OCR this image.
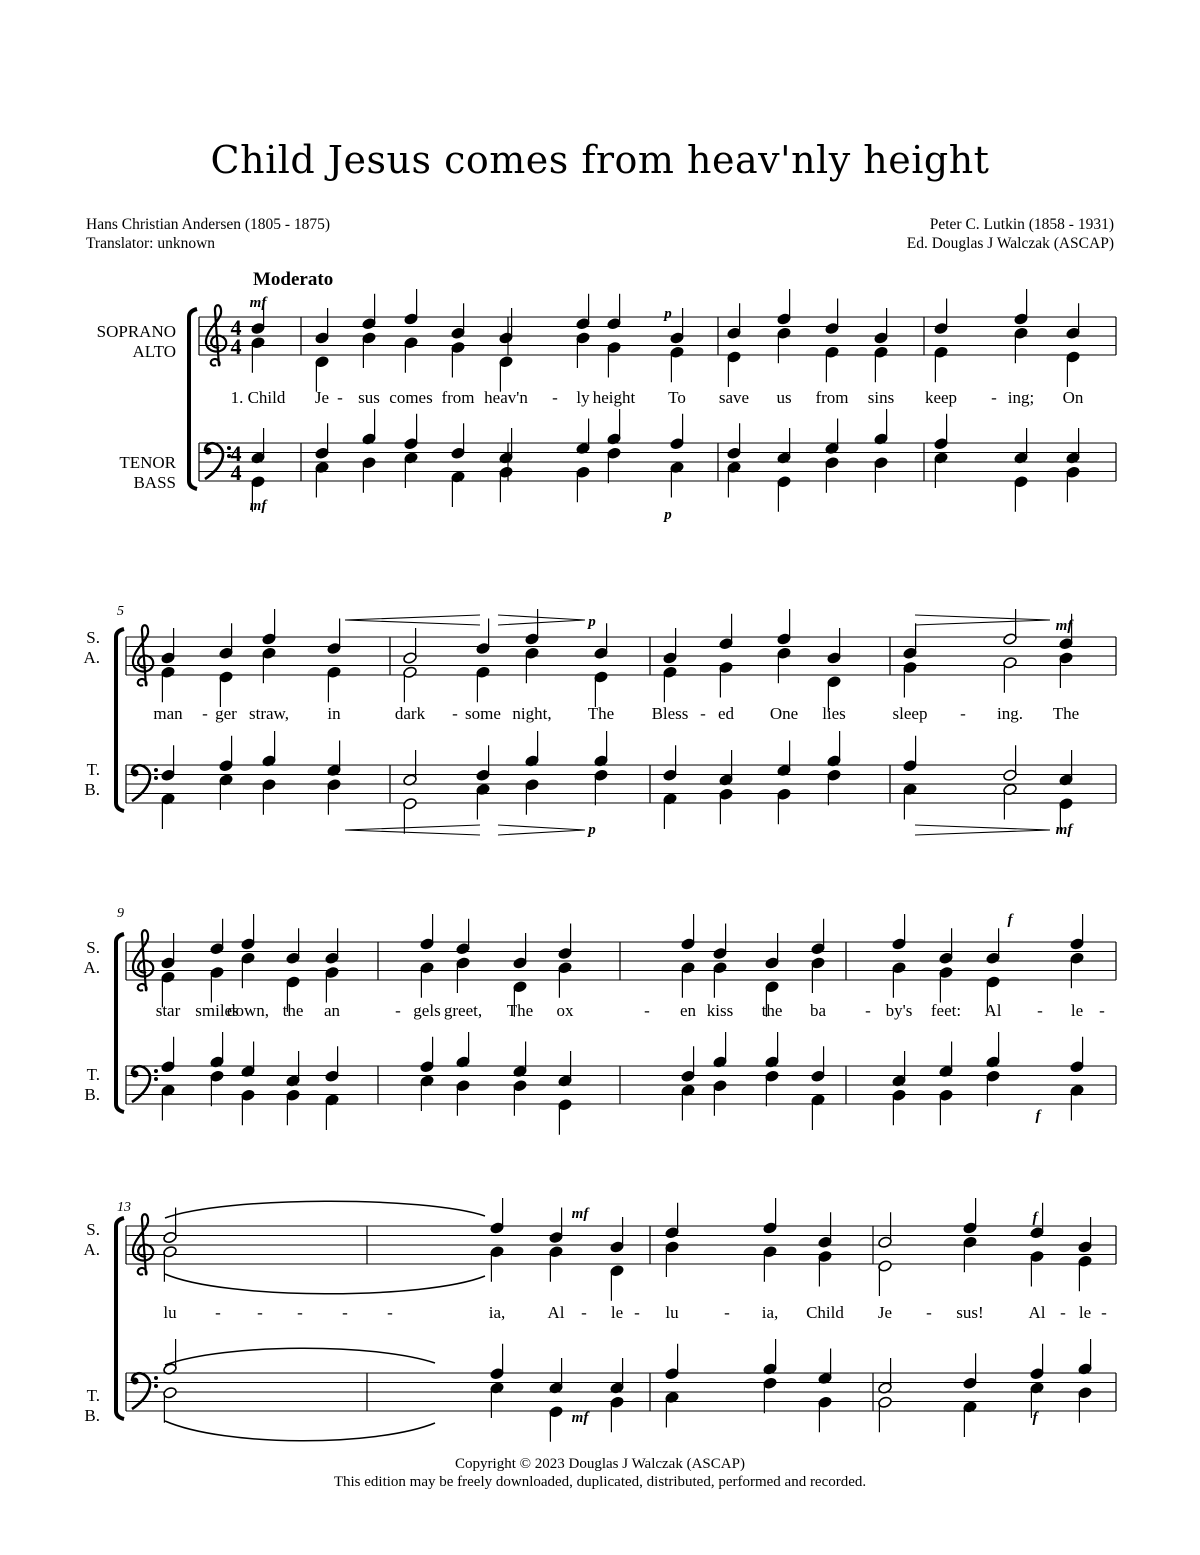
Child Jesus comes from heav'nly height
Hans Christian Andersen (1805 - 1875)
Translator: unknown
Peter C. Lutkin (1858 - 1931)
Ed. Douglas J Walczak (ASCAP)
Moderato
SOPRANO
ALTO
TENOR
BASS
S.
A.
T.
B.
S.
A.
T.
B.
S.
A.
T.
B.
5
9
13
1. Child Je - sus comes from heav'n - ly height To save us from sins keep - ing; On
4
4
4
4
man - ger straw, in	dark - some night, The Bless - ed One lies	sleep - ing. The
star smiles
down, the an	- gels greet, The ox	- en kiss the ba - by's feet: Al - le -
lu - - - - -	ia, Al - le - lu	- ia, Child Je - sus!	Al - le -
mf
p
mf
p
p	mf
p	mf
f
f
mf	f
mf	f
Copyright © 2023 Douglas J Walczak (ASCAP)
This edition may be freely downloaded, duplicated, distributed, performed and recorded.
